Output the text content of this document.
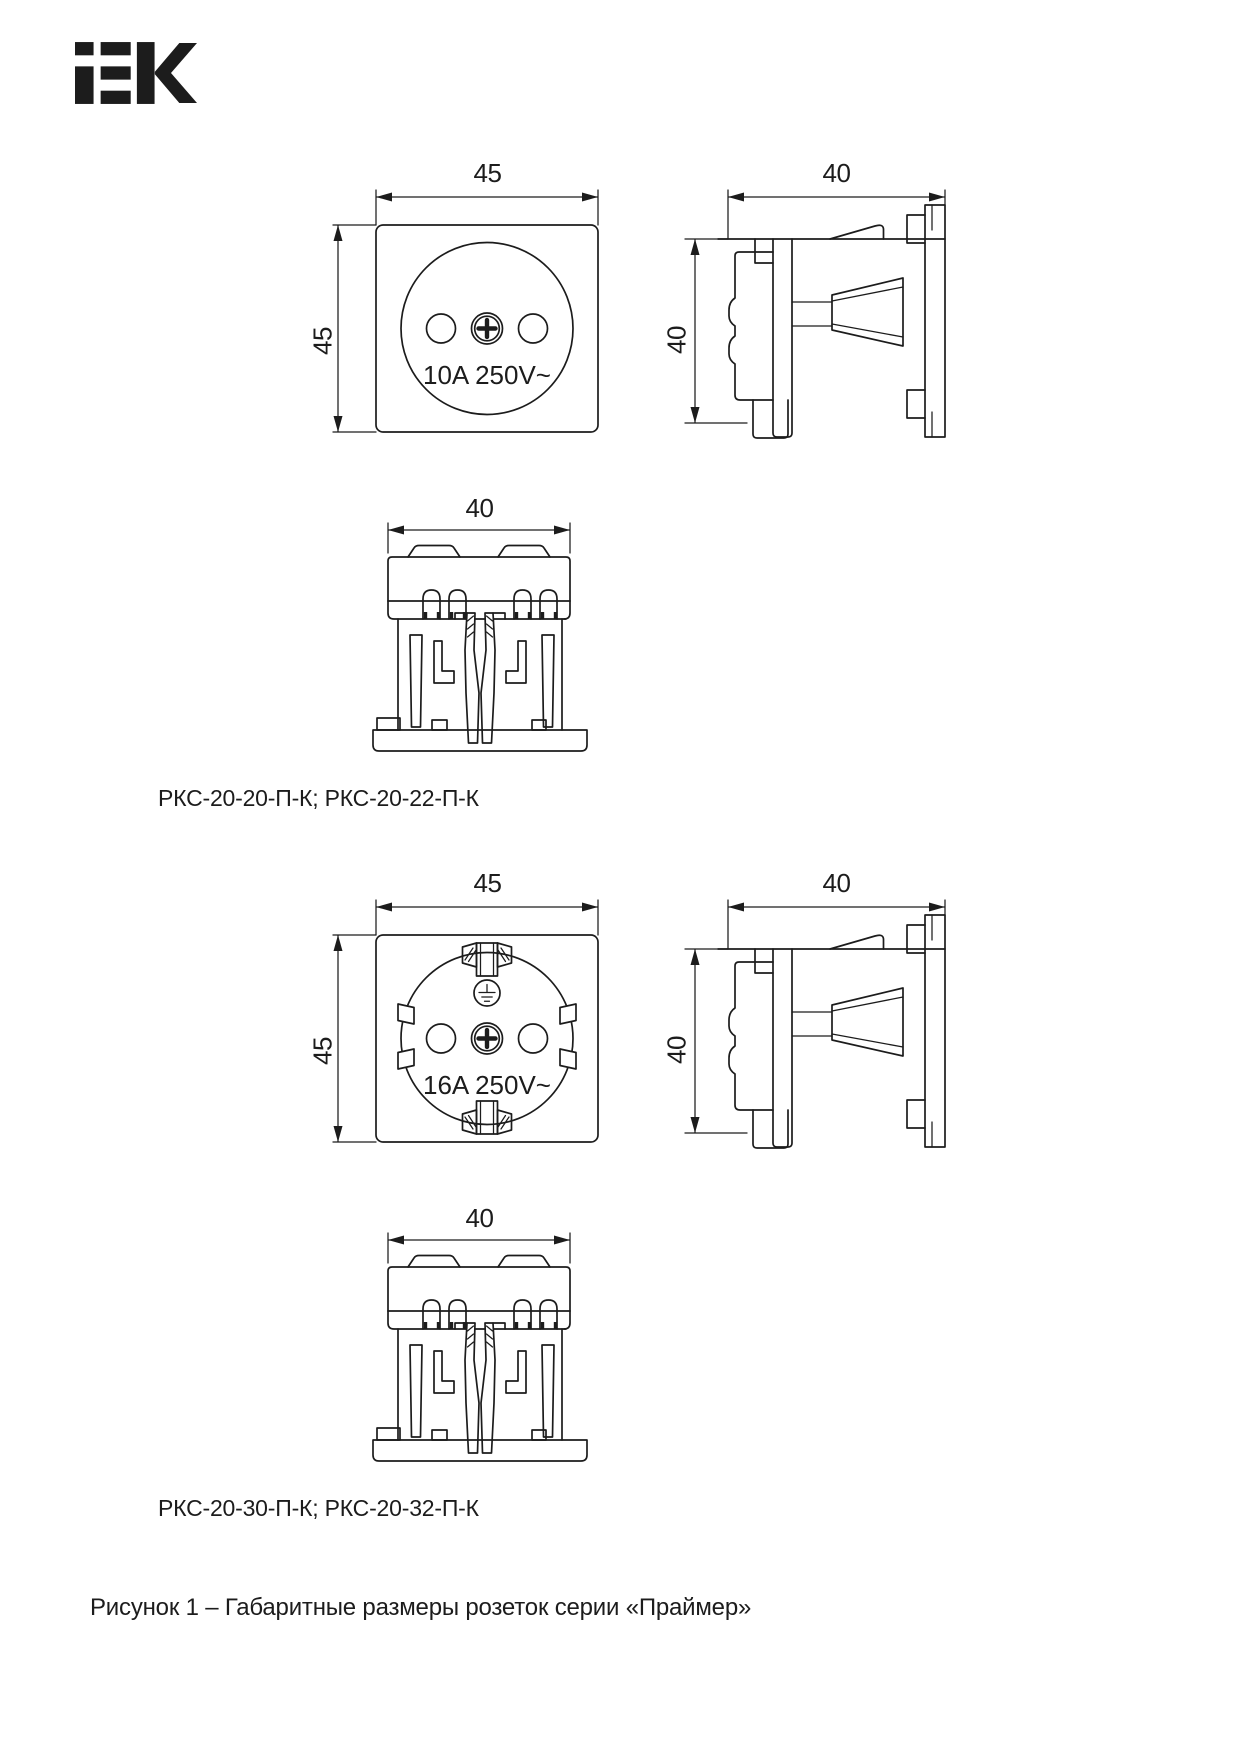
45
45
40
40
40
10A 250V~
РКС-20-20-П-К; РКС-20-22-П-К
45
45
40
40
40
16A 250V~
РКС-20-30-П-К; РКС-20-32-П-К
Рисунок 1 – Габаритные размеры розеток серии «Праймер»
